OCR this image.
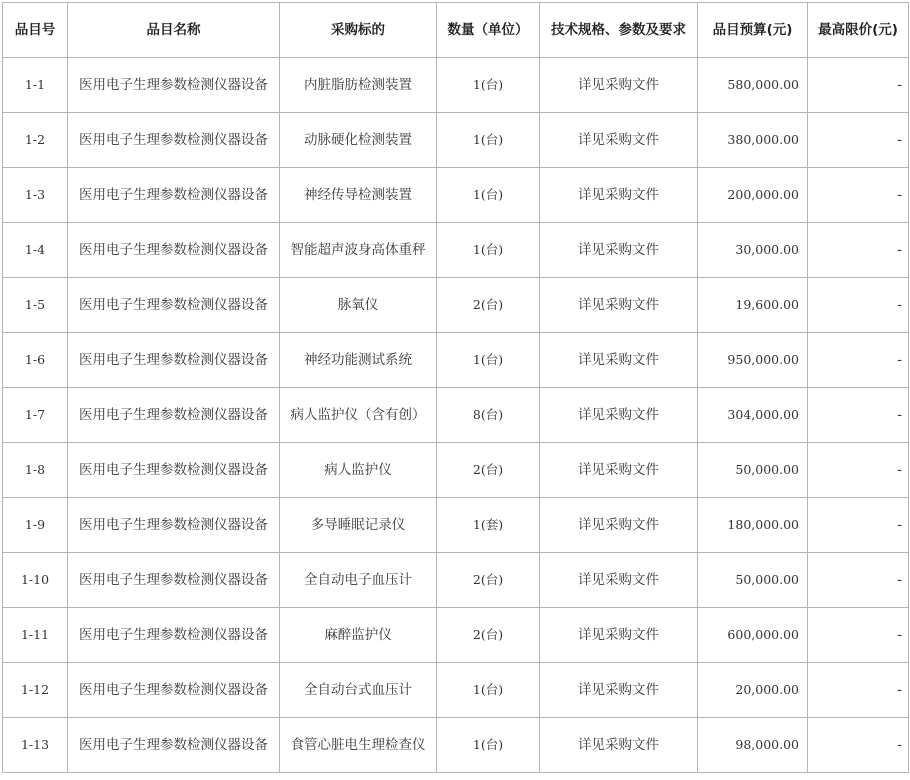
品目号	品目名称	采购标的	数量（单位）	技术规格、参数及要求	品目预算(元)	最高限价(元)
1-1	医用电子生理参数检测仪器设备	内脏脂肪检测装置	1(台)	详见采购文件	580,000.00	-
1-2	医用电子生理参数检测仪器设备	动脉硬化检测装置	1(台)	详见采购文件	380,000.00	-
1-3	医用电子生理参数检测仪器设备	神经传导检测装置	1(台)	详见采购文件	200,000.00	-
1-4	医用电子生理参数检测仪器设备	智能超声波身高体重秤	1(台)	详见采购文件	30,000.00	-
1-5	医用电子生理参数检测仪器设备	脉氧仪	2(台)	详见采购文件	19,600.00	-
1-6	医用电子生理参数检测仪器设备	神经功能测试系统	1(台)	详见采购文件	950,000.00	-
1-7	医用电子生理参数检测仪器设备	病人监护仪（含有创）	8(台)	详见采购文件	304,000.00	-
1-8	医用电子生理参数检测仪器设备	病人监护仪	2(台)	详见采购文件	50,000.00	-
1-9	医用电子生理参数检测仪器设备	多导睡眠记录仪	1(套)	详见采购文件	180,000.00	-
1-10	医用电子生理参数检测仪器设备	全自动电子血压计	2(台)	详见采购文件	50,000.00	-
1-11	医用电子生理参数检测仪器设备	麻醉监护仪	2(台)	详见采购文件	600,000.00	-
1-12	医用电子生理参数检测仪器设备	全自动台式血压计	1(台)	详见采购文件	20,000.00	-
1-13	医用电子生理参数检测仪器设备	食管心脏电生理检查仪	1(台)	详见采购文件	98,000.00	-
